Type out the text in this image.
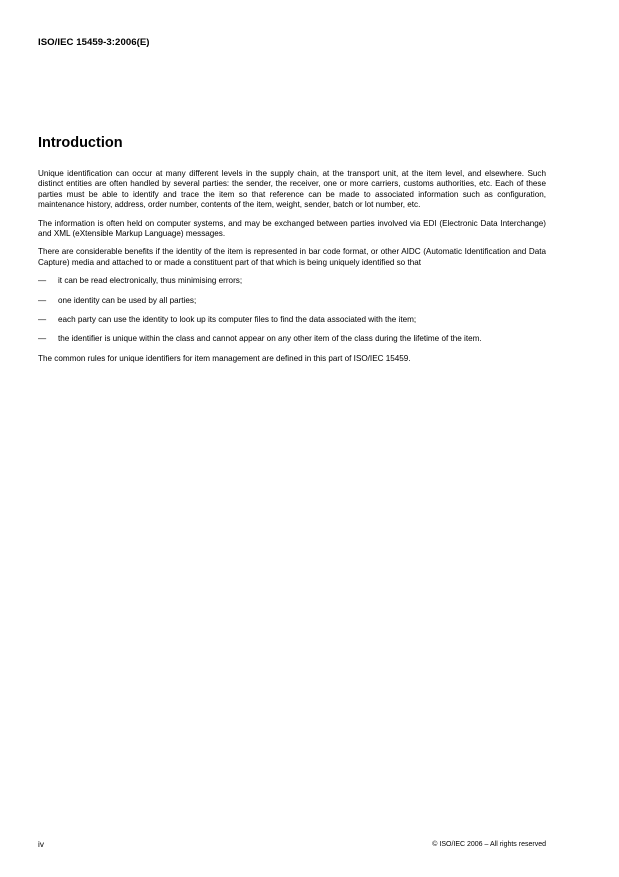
ISO/IEC 15459-3:2006(E)
Introduction

Unique identification can occur at many different levels in the supply chain, at the transport unit, at the item level, and elsewhere. Such distinct entities are often handled by several parties: the sender, the receiver, one or more carriers, customs authorities, etc. Each of these parties must be able to identify and trace the item so that reference can be made to associated information such as configuration, maintenance history, address, order number, contents of the item, weight, sender, batch or lot number, etc.

The information is often held on computer systems, and may be exchanged between parties involved via EDI (Electronic Data Interchange) and XML (eXtensible Markup Language) messages.

There are considerable benefits if the identity of the item is represented in bar code format, or other AIDC (Automatic Identification and Data Capture) media and attached to or made a constituent part of that which is being uniquely identified so that

—	it can be read electronically, thus minimising errors;
—	one identity can be used by all parties;
—	each party can use the identity to look up its computer files to find the data associated with the item;
—	the identifier is unique within the class and cannot appear on any other item of the class during the lifetime of the item.

The common rules for unique identifiers for item management are defined in this part of ISO/IEC 15459.

iv	© ISO/IEC 2006 – All rights reserved
